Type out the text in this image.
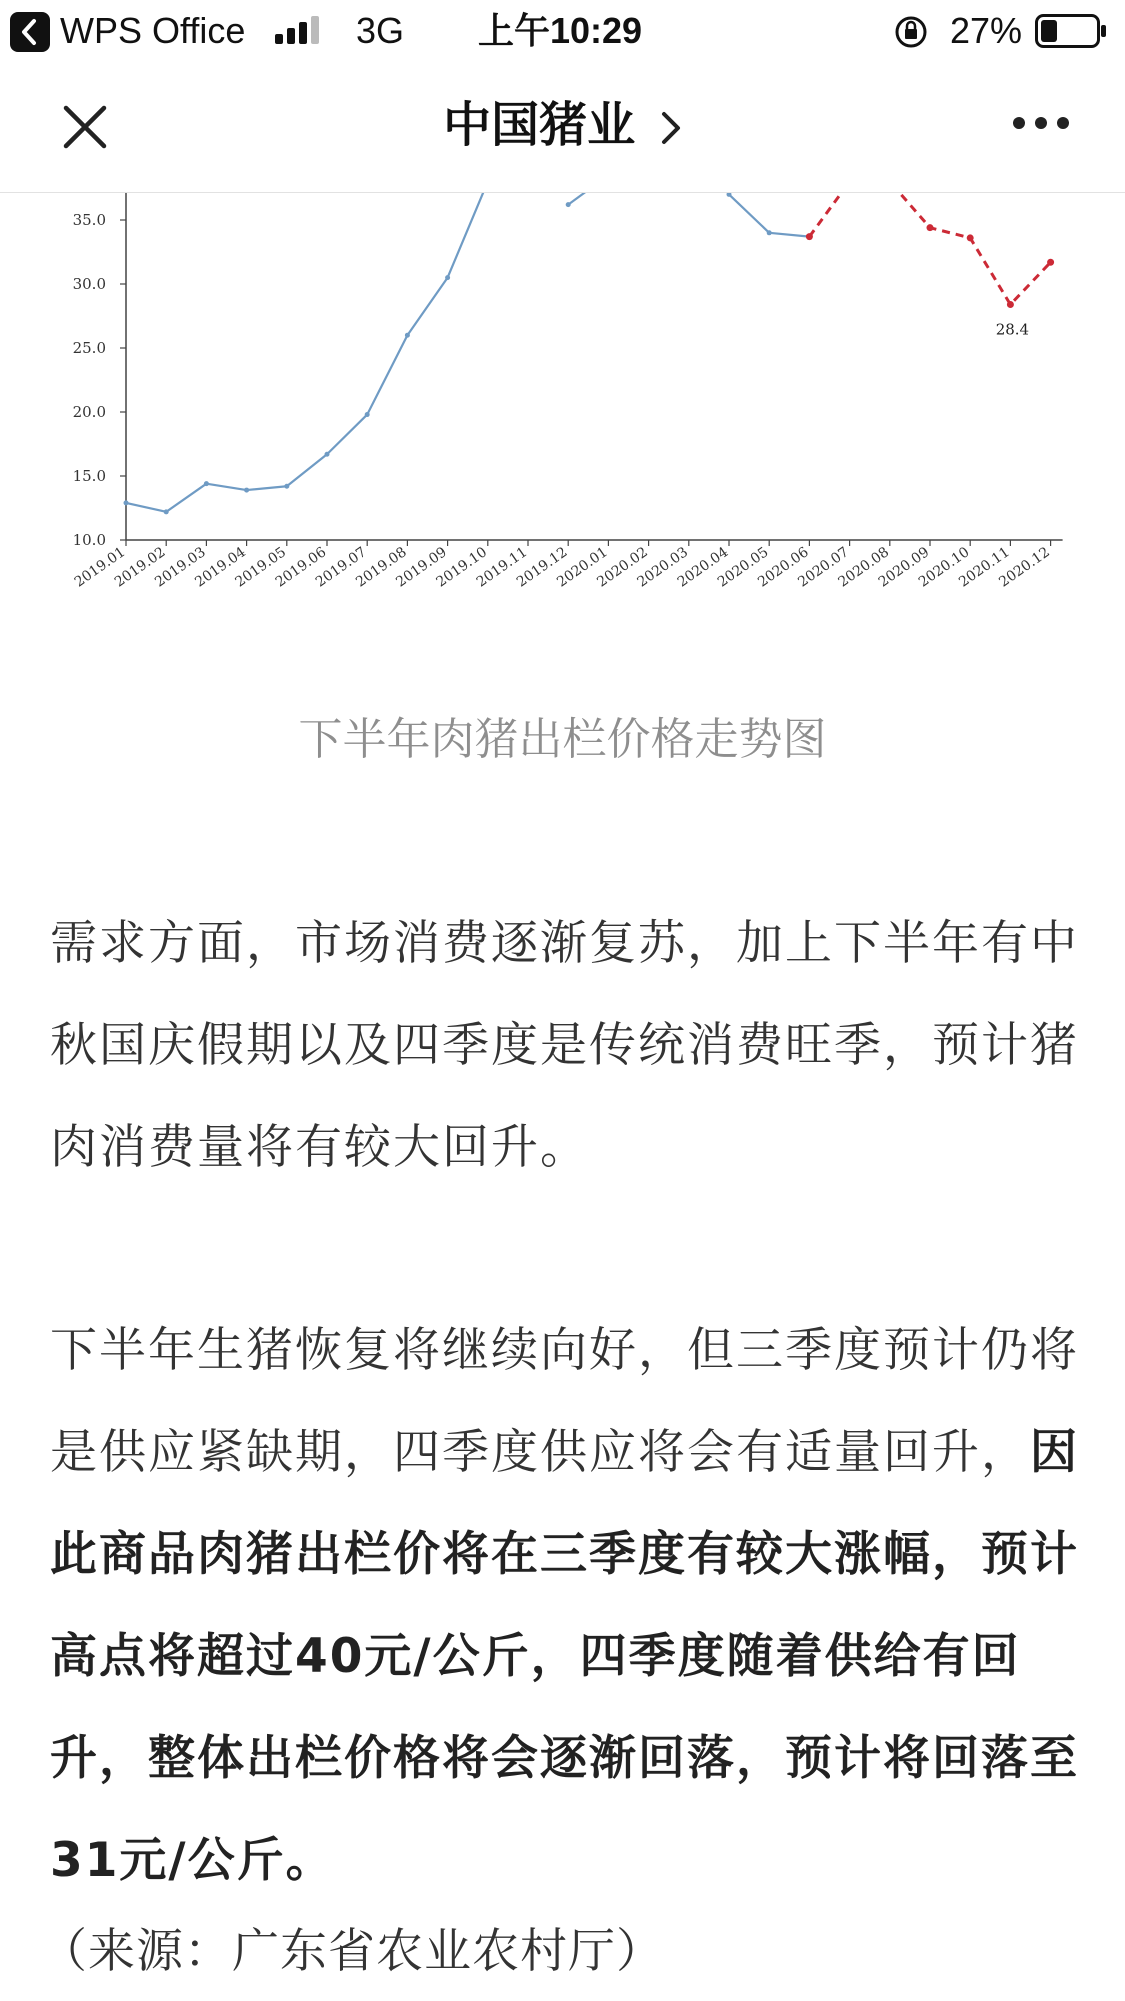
WPS Office	3G 上午10:29	27%
中国猪业
10.0
15.0
20.0
25.0
30.0
35.0
2019.01
2019.02
2019.03
2019.04
2019.05
2019.06
2019.07
2019.08
2019.09
2019.10
2019.11
2019.12
2020.01
2020.02
2020.03
2020.04
2020.05
2020.06
2020.07
2020.08
2020.09
2020.10
2020.11
2020.12
28.4
下半年肉猪出栏价格走势图
需求方面，市场消费逐渐复苏，加上下半年有中秋国庆假期以及四季度是传统消费旺季，预计猪肉消费量将有较大回升。
下半年生猪恢复将继续向好，但三季度预计仍将是供应紧缺期，四季度供应将会有适量回升，因此商品肉猪出栏价将在三季度有较大涨幅，预计高点将超过40元/公斤，四季度随着供给有回升，整体出栏价格将会逐渐回落，预计将回落至31元/公斤。
（来源：广东省农业农村厅）
